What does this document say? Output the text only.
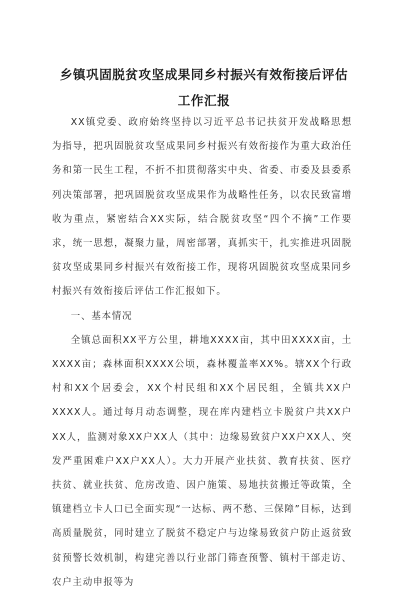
乡镇巩固脱贫攻坚成果同乡村振兴有效衔接后评估工作汇报

XX镇党委、政府始终坚持以习近平总书记扶贫开发战略思想为指导，把巩固脱贫攻坚成果同乡村振兴有效衔接作为重大政治任务和第一民生工程，不折不扣贯彻落实中央、省委、市委及县委系列决策部署，把巩固脱贫攻坚成果作为战略性任务，以农民致富增收为重点，紧密结合XX实际，结合脱贫攻坚“四个不摘”工作要求，统一思想，凝聚力量，周密部署，真抓实干，扎实推进巩固脱贫攻坚成果同乡村振兴有效衔接工作，现将巩固脱贫攻坚成果同乡村振兴有效衔接后评估工作汇报如下。

一、基本情况

全镇总面积XX平方公里，耕地XXXX亩，其中田XXXX亩，土XXXX亩；森林面积XXXX公顷，森林覆盖率XX%。辖XX个行政村和XX个居委会，XX个村民组和XX个居民组，全镇共XX户XXXX人。通过每月动态调整，现在库内建档立卡脱贫户共XX户XX人，监测对象XX户XX人（其中：边缘易致贫户XX户XX人、突发严重困难户XX户XX人）。大力开展产业扶贫、教育扶贫、医疗扶贫、就业扶贫、危房改造、因户施策、易地扶贫搬迁等政策，全镇建档立卡人口已全面实现“一达标、两不愁、三保障”目标，达到高质量脱贫，同时建立了脱贫不稳定户与边缘易致贫户防止返贫致贫预警长效机制，构建完善以行业部门筛查预警、镇村干部走访、农户主动申报等为
